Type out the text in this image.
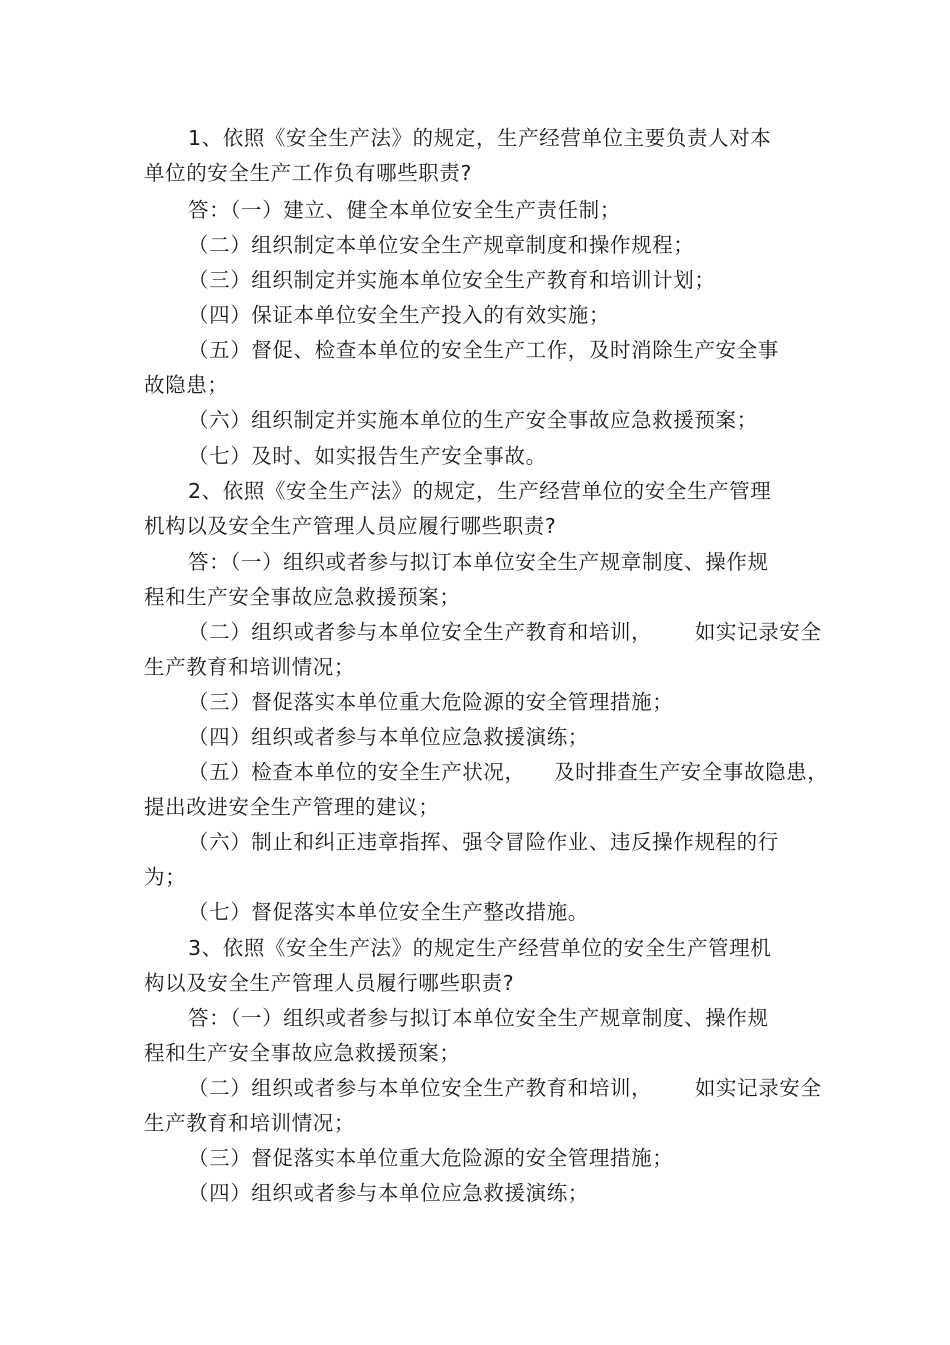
1、依照《安全生产法》的规定，生产经营单位主要负责人对本
单位的安全生产工作负有哪些职责?
答：（一）建立、健全本单位安全生产责任制；
（二）组织制定本单位安全生产规章制度和操作规程；
（三）组织制定并实施本单位安全生产教育和培训计划；
（四）保证本单位安全生产投入的有效实施；
（五）督促、检查本单位的安全生产工作，及时消除生产安全事
故隐患；
（六）组织制定并实施本单位的生产安全事故应急救援预案；
（七）及时、如实报告生产安全事故。
2、依照《安全生产法》的规定，生产经营单位的安全生产管理
机构以及安全生产管理人员应履行哪些职责?
答：（一）组织或者参与拟订本单位安全生产规章制度、操作规
程和生产安全事故应急救援预案；
（二）组织或者参与本单位安全生产教育和培训，      如实记录安全
生产教育和培训情况；
（三）督促落实本单位重大危险源的安全管理措施；
（四）组织或者参与本单位应急救援演练；
（五）检查本单位的安全生产状况，    及时排查生产安全事故隐患，
提出改进安全生产管理的建议；
（六）制止和纠正违章指挥、强令冒险作业、违反操作规程的行
为；
（七）督促落实本单位安全生产整改措施。
3、依照《安全生产法》的规定生产经营单位的安全生产管理机
构以及安全生产管理人员履行哪些职责?
答：（一）组织或者参与拟订本单位安全生产规章制度、操作规
程和生产安全事故应急救援预案；
（二）组织或者参与本单位安全生产教育和培训，      如实记录安全
生产教育和培训情况；
（三）督促落实本单位重大危险源的安全管理措施；
（四）组织或者参与本单位应急救援演练；
